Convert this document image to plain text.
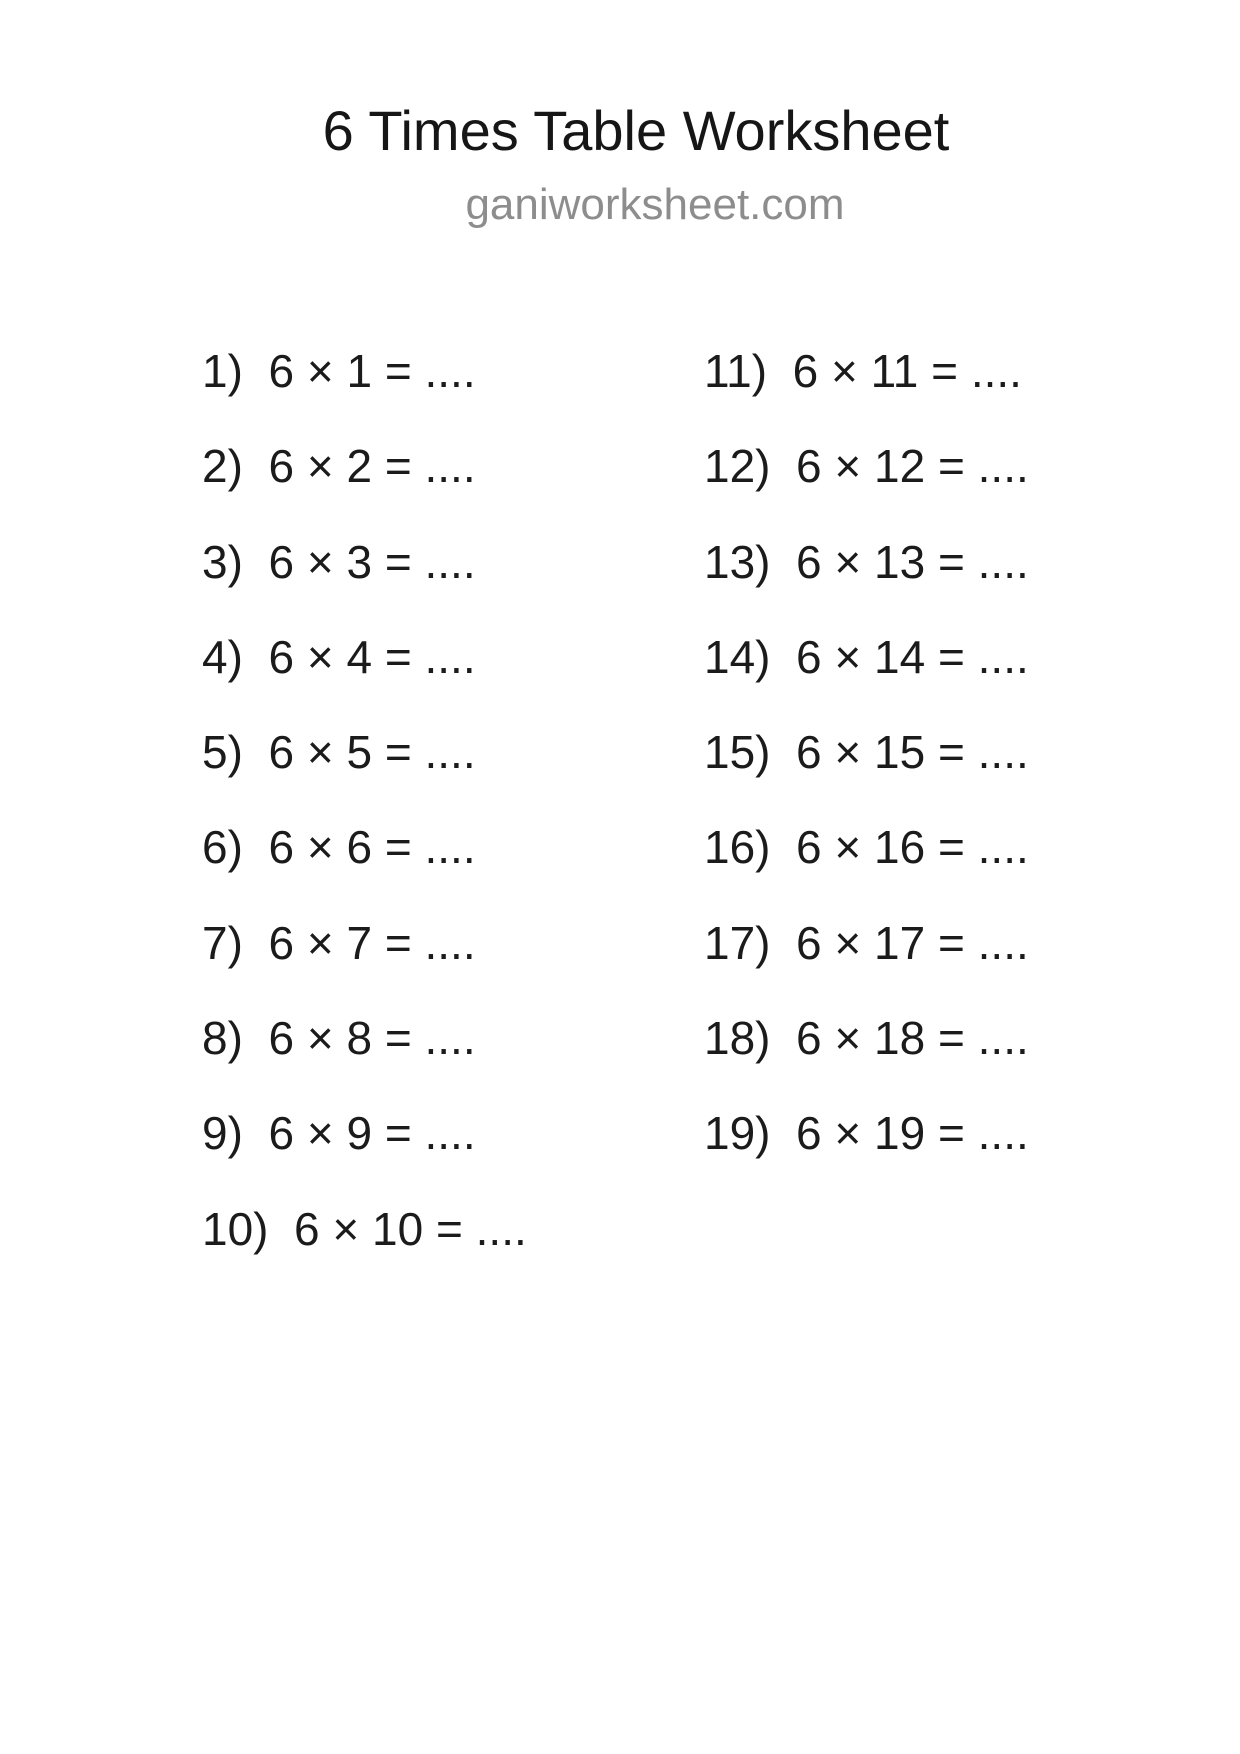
6 Times Table Worksheet
ganiworksheet.com
1)  6 × 1 = ....
2)  6 × 2 = ....
3)  6 × 3 = ....
4)  6 × 4 = ....
5)  6 × 5 = ....
6)  6 × 6 = ....
7)  6 × 7 = ....
8)  6 × 8 = ....
9)  6 × 9 = ....
10)  6 × 10 = ....
11)  6 × 11 = ....
12)  6 × 12 = ....
13)  6 × 13 = ....
14)  6 × 14 = ....
15)  6 × 15 = ....
16)  6 × 16 = ....
17)  6 × 17 = ....
18)  6 × 18 = ....
19)  6 × 19 = ....
